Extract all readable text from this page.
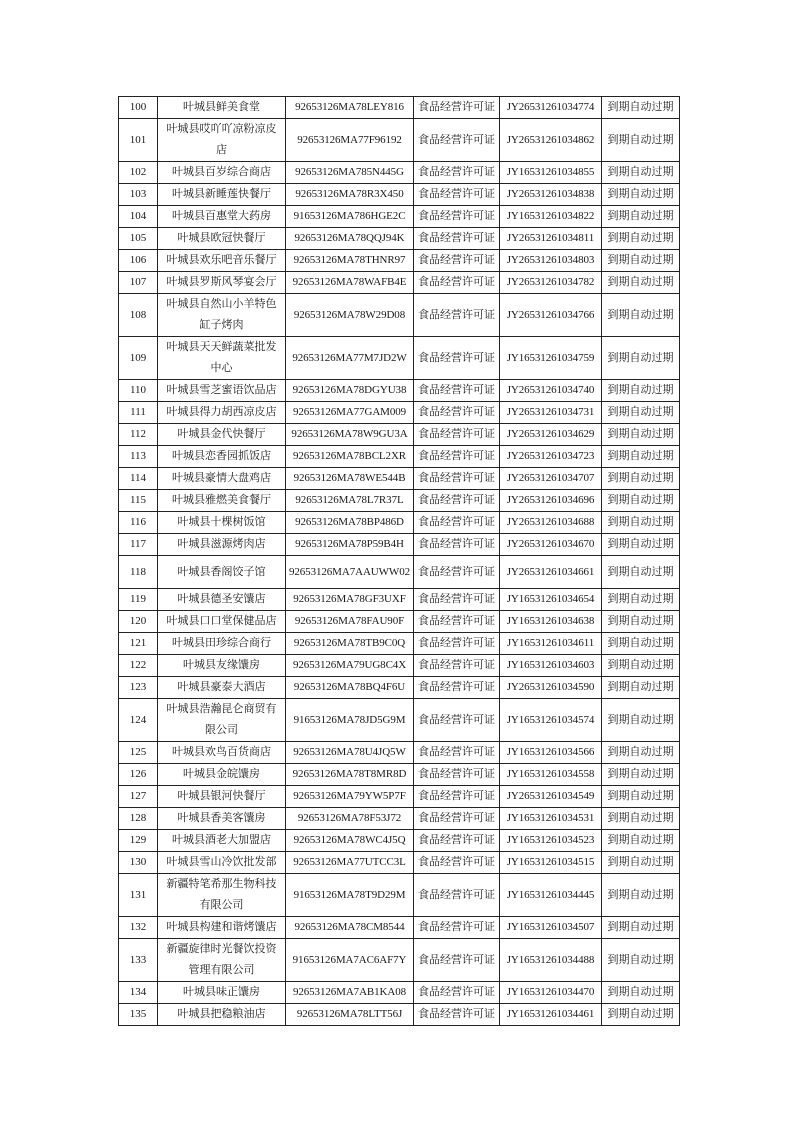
100	叶城县鲜美食堂	92653126MA78LEY816	食品经营许可证	JY26531261034774	到期自动过期
101	叶城县哎吖吖凉粉凉皮店	92653126MA77F96192	食品经营许可证	JY26531261034862	到期自动过期
102	叶城县百岁综合商店	92653126MA785N445G	食品经营许可证	JY16531261034855	到期自动过期
103	叶城县新睡莲快餐厅	92653126MA78R3X450	食品经营许可证	JY26531261034838	到期自动过期
104	叶城县百惠堂大药房	91653126MA786HGE2C	食品经营许可证	JY16531261034822	到期自动过期
105	叶城县欧冠快餐厅	92653126MA78QQJ94K	食品经营许可证	JY26531261034811	到期自动过期
106	叶城县欢乐吧音乐餐厅	92653126MA78THNR97	食品经营许可证	JY26531261034803	到期自动过期
107	叶城县罗斯风琴宴会厅	92653126MA78WAFB4E	食品经营许可证	JY26531261034782	到期自动过期
108	叶城县自然山小羊特色缸子烤肉	92653126MA78W29D08	食品经营许可证	JY26531261034766	到期自动过期
109	叶城县天天鲜蔬菜批发中心	92653126MA77M7JD2W	食品经营许可证	JY16531261034759	到期自动过期
110	叶城县雪芝蜜语饮品店	92653126MA78DGYU38	食品经营许可证	JY26531261034740	到期自动过期
111	叶城县得力胡西凉皮店	92653126MA77GAM009	食品经营许可证	JY26531261034731	到期自动过期
112	叶城县金代快餐厅	92653126MA78W9GU3A	食品经营许可证	JY26531261034629	到期自动过期
113	叶城县恋香园抓饭店	92653126MA78BCL2XR	食品经营许可证	JY26531261034723	到期自动过期
114	叶城县豪情大盘鸡店	92653126MA78WE544B	食品经营许可证	JY26531261034707	到期自动过期
115	叶城县雅燃美食餐厅	92653126MA78L7R37L	食品经营许可证	JY26531261034696	到期自动过期
116	叶城县十棵树饭馆	92653126MA78BP486D	食品经营许可证	JY26531261034688	到期自动过期
117	叶城县滋源烤肉店	92653126MA78P59B4H	食品经营许可证	JY26531261034670	到期自动过期
118	叶城县香阁饺子馆	92653126MA7AAUWW02	食品经营许可证	JY26531261034661	到期自动过期
119	叶城县德圣安馕店	92653126MA78GF3UXF	食品经营许可证	JY16531261034654	到期自动过期
120	叶城县口口堂保健品店	92653126MA78FAU90F	食品经营许可证	JY16531261034638	到期自动过期
121	叶城县田珍综合商行	92653126MA78TB9C0Q	食品经营许可证	JY16531261034611	到期自动过期
122	叶城县友缘馕房	92653126MA79UG8C4X	食品经营许可证	JY16531261034603	到期自动过期
123	叶城县豪泰大酒店	92653126MA78BQ4F6U	食品经营许可证	JY26531261034590	到期自动过期
124	叶城县浩瀚昆仑商贸有限公司	91653126MA78JD5G9M	食品经营许可证	JY16531261034574	到期自动过期
125	叶城县欢鸟百货商店	92653126MA78U4JQ5W	食品经营许可证	JY16531261034566	到期自动过期
126	叶城县金皖馕房	92653126MA78T8MR8D	食品经营许可证	JY16531261034558	到期自动过期
127	叶城县银河快餐厅	92653126MA79YW5P7F	食品经营许可证	JY26531261034549	到期自动过期
128	叶城县香美客馕房	92653126MA78F53J72	食品经营许可证	JY16531261034531	到期自动过期
129	叶城县酒老大加盟店	92653126MA78WC4J5Q	食品经营许可证	JY16531261034523	到期自动过期
130	叶城县雪山冷饮批发部	92653126MA77UTCC3L	食品经营许可证	JY16531261034515	到期自动过期
131	新疆特笔希那生物科技有限公司	91653126MA78T9D29M	食品经营许可证	JY16531261034445	到期自动过期
132	叶城县构建和谐烤馕店	92653126MA78CM8544	食品经营许可证	JY16531261034507	到期自动过期
133	新疆旋律时光餐饮投资管理有限公司	91653126MA7AC6AF7Y	食品经营许可证	JY16531261034488	到期自动过期
134	叶城县味正馕房	92653126MA7AB1KA08	食品经营许可证	JY16531261034470	到期自动过期
135	叶城县把稳粮油店	92653126MA78LTT56J	食品经营许可证	JY16531261034461	到期自动过期
